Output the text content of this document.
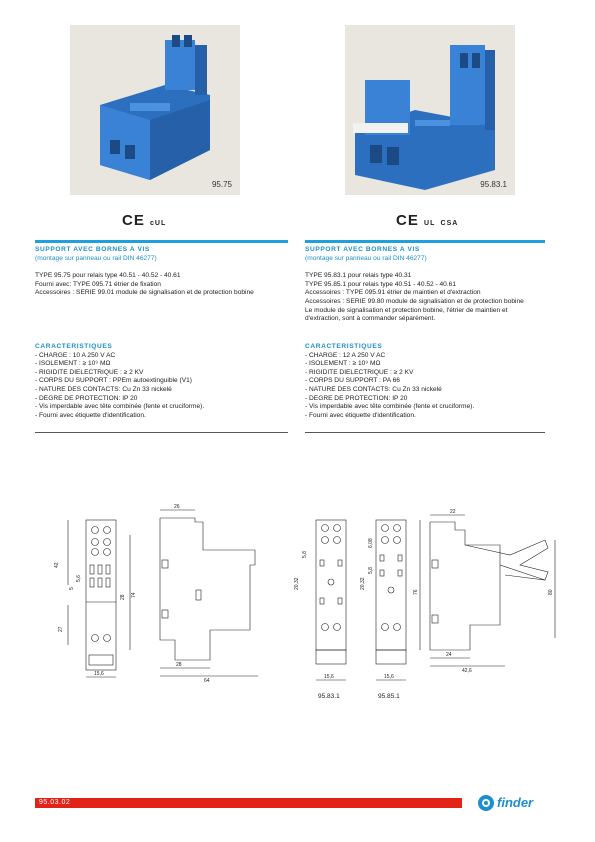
95.75	95.83.1
CE cUL	CE UL CSA
SUPPORT AVEC BORNES A VIS
(montage sur panneau ou rail DIN 46277)
TYPE 95.75 pour relais type 40.51 - 40.52 - 40.61
Fourni avec: TYPE 095.71 étrier de fixation
Accessoires : SERIE 99.01 module de signalisation et de protection bobine
CARACTERISTIQUES
- CHARGE : 10 A 250 V AC
- ISOLEMENT : ≥ 10⁹ MΩ
- RIGIDITE DIELECTRIQUE : ≥ 2 KV
- CORPS DU SUPPORT : PPEm autoextinguible (V1)
- NATURE DES CONTACTS: Cu Zn 33 nickelé
- DEGRE DE PROTECTION: IP 20
- Vis imperdable avec tête combinée (fente et cruciforme).
- Fourni avec étiquette d'identification.
SUPPORT AVEC BORNES A VIS
(montage sur panneau ou rail DIN 46277)
TYPE 95.83.1 pour relais type 40.31
TYPE 95.85.1 pour relais type 40.51 - 40.52 - 40.61
Accessoires : TYPE 095.91 étrier de maintien et d'extraction
Accessoires : SERIE 99.80 module de signalisation et de protection bobine
Le module de signalisation et protection bobine, l'étrier de maintien et
d'extraction, sont à commander séparément.
CARACTERISTIQUES
- CHARGE : 12 A 250 V AC
- ISOLEMENT : ≥ 10⁹ MΩ
- RIGIDITE DIELECTRIQUE : ≥ 2 KV
- CORPS DU SUPPORT : PA 66
- NATURE DES CONTACTS: Cu Zn 33 nickelé
- DEGRE DE PROTECTION: IP 20
- Vis imperdable avec tête combinée (fente et cruciforme).
- Fourni avec étiquette d'identification.
42
5
5,6
28 74
27
15,6
26
28
64
20,32
5,8
6,08
20,32
5,8
76
22
80
15,6	15,6
24
42,6
95.83.1	95.85.1
95.03.02	finder
